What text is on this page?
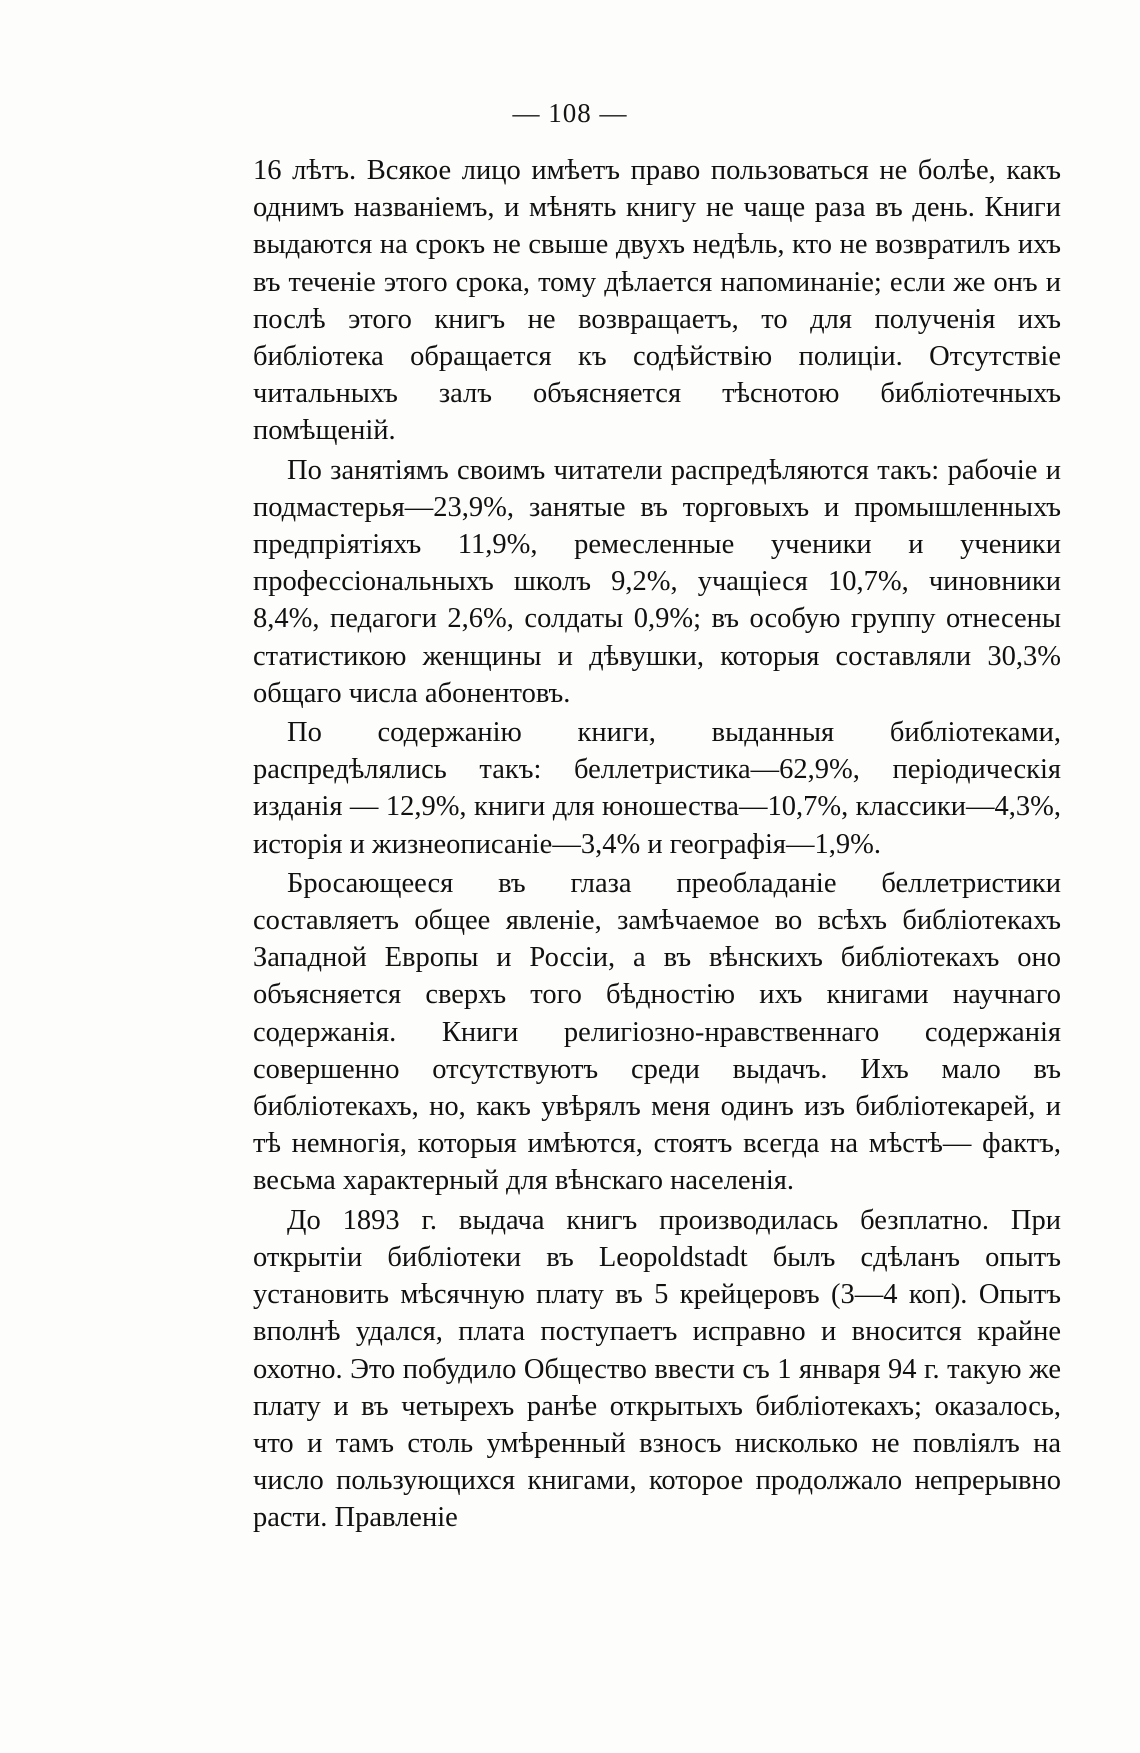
— 108 —

16 лѣтъ. Всякое лицо имѣетъ право пользоваться не болѣе, какъ однимъ названіемъ, и мѣнять книгу не чаще раза въ день. Книги выдаются на срокъ не свыше двухъ недѣль, кто не возвратилъ ихъ въ теченіе этого срока, тому дѣлается напоминаніе; если же онъ и послѣ этого книгъ не возвращаетъ, то для полученія ихъ библіотека обращается къ содѣйствію полиціи. Отсутствіе читальныхъ залъ объясняется тѣснотою библіотечныхъ помѣщеній.

По занятіямъ своимъ читатели распредѣляются такъ: рабочіе и подмастерья—23,9%, занятые въ торговыхъ и промышленныхъ предпріятіяхъ 11,9%, ремесленные ученики и ученики профессіональныхъ школъ 9,2%, учащіеся 10,7%, чиновники 8,4%, педагоги 2,6%, солдаты 0,9%; въ особую группу отнесены статистикою женщины и дѣвушки, которыя составляли 30,3% общаго числа абонентовъ.

По содержанію книги, выданныя библіотеками, распредѣлялись такъ: беллетристика—62,9%, періодическія изданія — 12,9%, книги для юношества—10,7%, классики—4,3%, исторія и жизнеописаніе—3,4% и географія—1,9%.

Бросающееся въ глаза преобладаніе беллетристики составляетъ общее явленіе, замѣчаемое во всѣхъ библіотекахъ Западной Европы и Россіи, а въ вѣнскихъ библіотекахъ оно объясняется сверхъ того бѣдностію ихъ книгами научнаго содержанія. Книги религіозно-нравственнаго содержанія совершенно отсутствуютъ среди выдачъ. Ихъ мало въ библіотекахъ, но, какъ увѣрялъ меня одинъ изъ библіотекарей, и тѣ немногія, которыя имѣются, стоятъ всегда на мѣстѣ— фактъ, весьма характерный для вѣнскаго населенія.

До 1893 г. выдача книгъ производилась безплатно. При открытіи библіотеки въ Leopoldstadt былъ сдѣланъ опытъ установить мѣсячную плату въ 5 крейцеровъ (3—4 коп). Опытъ вполнѣ удался, плата поступаетъ исправно и вносится крайне охотно. Это побудило Общество ввести съ 1 января 94 г. такую же плату и въ четырехъ ранѣе открытыхъ библіотекахъ; оказалось, что и тамъ столь умѣренный взносъ нисколько не повліялъ на число пользующихся книгами, которое продолжало непрерывно расти. Правленіе
